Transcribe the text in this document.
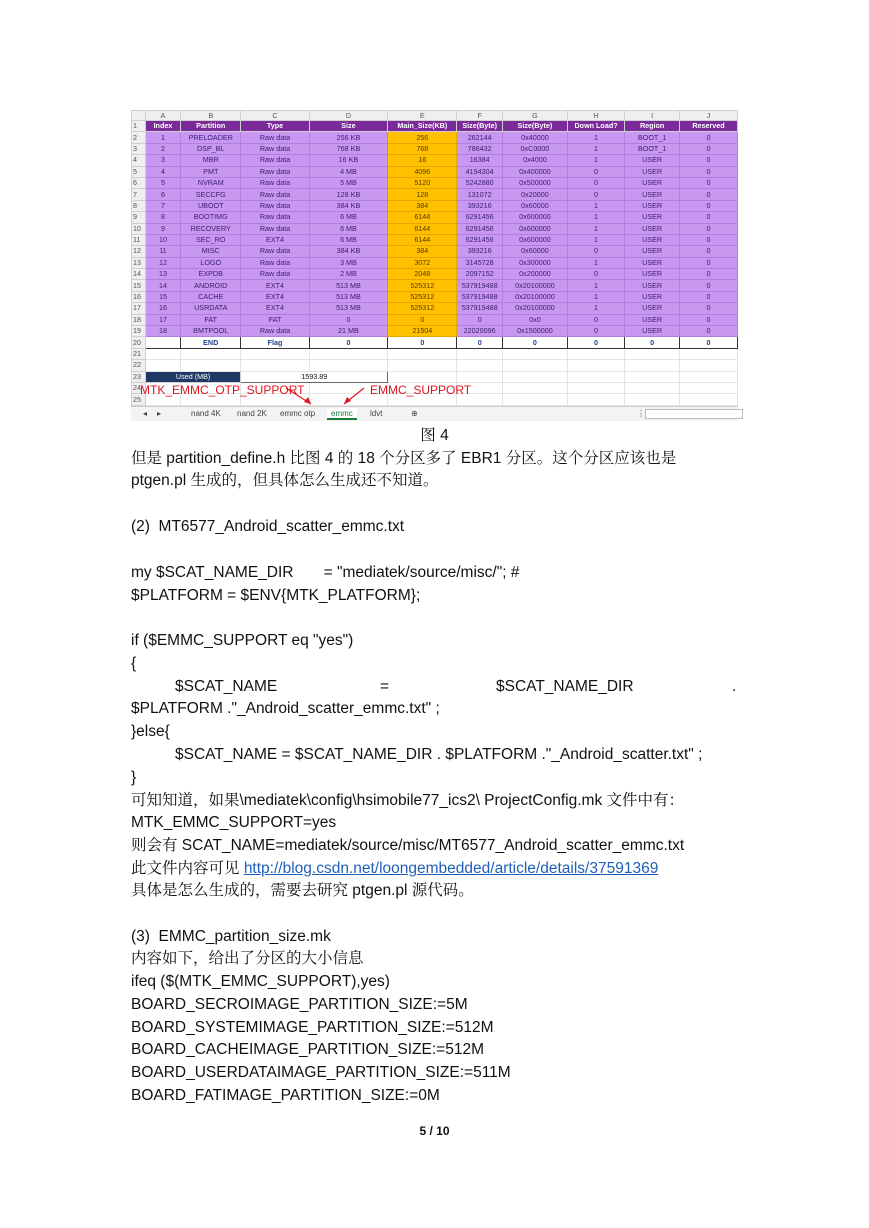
	A	B	C	D	E	F	G	H	I	J
1	Index	Partition	Type	Size	Main_Size(KB)	Size(Byte)	Size(Byte)	Down Load?	Region	Reserved
2	1	PRELOADER	Raw data	256 KB	256	262144	0x40000	1	BOOT_1	0
3	2	DSP_BL	Raw data	768 KB	768	786432	0xC0000	1	BOOT_1	0
4	3	MBR	Raw data	16 KB	16	16384	0x4000	1	USER	0
5	4	PMT	Raw data	4 MB	4096	4194304	0x400000	0	USER	0
6	5	NVRAM	Raw data	5 MB	5120	5242880	0x500000	0	USER	0
7	6	SECCFG	Raw data	128 KB	128	131072	0x20000	0	USER	0
8	7	UBOOT	Raw data	384 KB	384	393216	0x60000	1	USER	0
9	8	BOOTIMG	Raw data	6 MB	6144	6291456	0x600000	1	USER	0
10	9	RECOVERY	Raw data	6 MB	6144	6291456	0x600000	1	USER	0
11	10	SEC_RO	EXT4	6 MB	6144	6291456	0x600000	1	USER	0
12	11	MISC	Raw data	384 KB	384	393216	0x60000	0	USER	0
13	12	LOGO	Raw data	3 MB	3072	3145728	0x300000	1	USER	0
14	13	EXPDB	Raw data	2 MB	2048	2097152	0x200000	0	USER	0
15	14	ANDROID	EXT4	513 MB	525312	537919488	0x20100000	1	USER	0
16	15	CACHE	EXT4	513 MB	525312	537919488	0x20100000	1	USER	0
17	16	USRDATA	EXT4	513 MB	525312	537919488	0x20100000	1	USER	0
18	17	FAT	FAT	0	0	0	0x0	0	USER	0
19	18	BMTPOOL	Raw data	21 MB	21504	22020096	0x1500000	0	USER	0
20		END	Flag	0	0	0	0	0	0	0
21										
22										
23	Used (MB)		1593.89							
24										
25										

MTK_EMMC_OTP_SUPPORT	EMMC_SUPPORT
◂	▸	nand 4K	nand 2K	emmc otp	emmc	ldvt	⊕	⋮
图 4
但是 partition_define.h 比图 4 的 18 个分区多了 EBR1 分区。这个分区应该也是
ptgen.pl 生成的，但具体怎么生成还不知道。
(2)  MT6577_Android_scatter_emmc.txt
my $SCAT_NAME_DIR       = "mediatek/source/misc/"; #
$PLATFORM = $ENV{MTK_PLATFORM};
if ($EMMC_SUPPORT eq "yes")
{
$SCAT_NAME	=	$SCAT_NAME_DIR	.
$PLATFORM ."_Android_scatter_emmc.txt" ;
}else{
$SCAT_NAME = $SCAT_NAME_DIR . $PLATFORM ."_Android_scatter.txt" ;
}
可知知道，如果\mediatek\config\hsimobile77_ics2\ ProjectConfig.mk 文件中有：
MTK_EMMC_SUPPORT=yes
则会有 SCAT_NAME=mediatek/source/misc/MT6577_Android_scatter_emmc.txt
此文件内容可见 http://blog.csdn.net/loongembedded/article/details/37591369
具体是怎么生成的，需要去研究 ptgen.pl 源代码。
(3)  EMMC_partition_size.mk
内容如下，给出了分区的大小信息
ifeq ($(MTK_EMMC_SUPPORT),yes)
BOARD_SECROIMAGE_PARTITION_SIZE:=5M
BOARD_SYSTEMIMAGE_PARTITION_SIZE:=512M
BOARD_CACHEIMAGE_PARTITION_SIZE:=512M
BOARD_USERDATAIMAGE_PARTITION_SIZE:=511M
BOARD_FATIMAGE_PARTITION_SIZE:=0M
5 / 10
